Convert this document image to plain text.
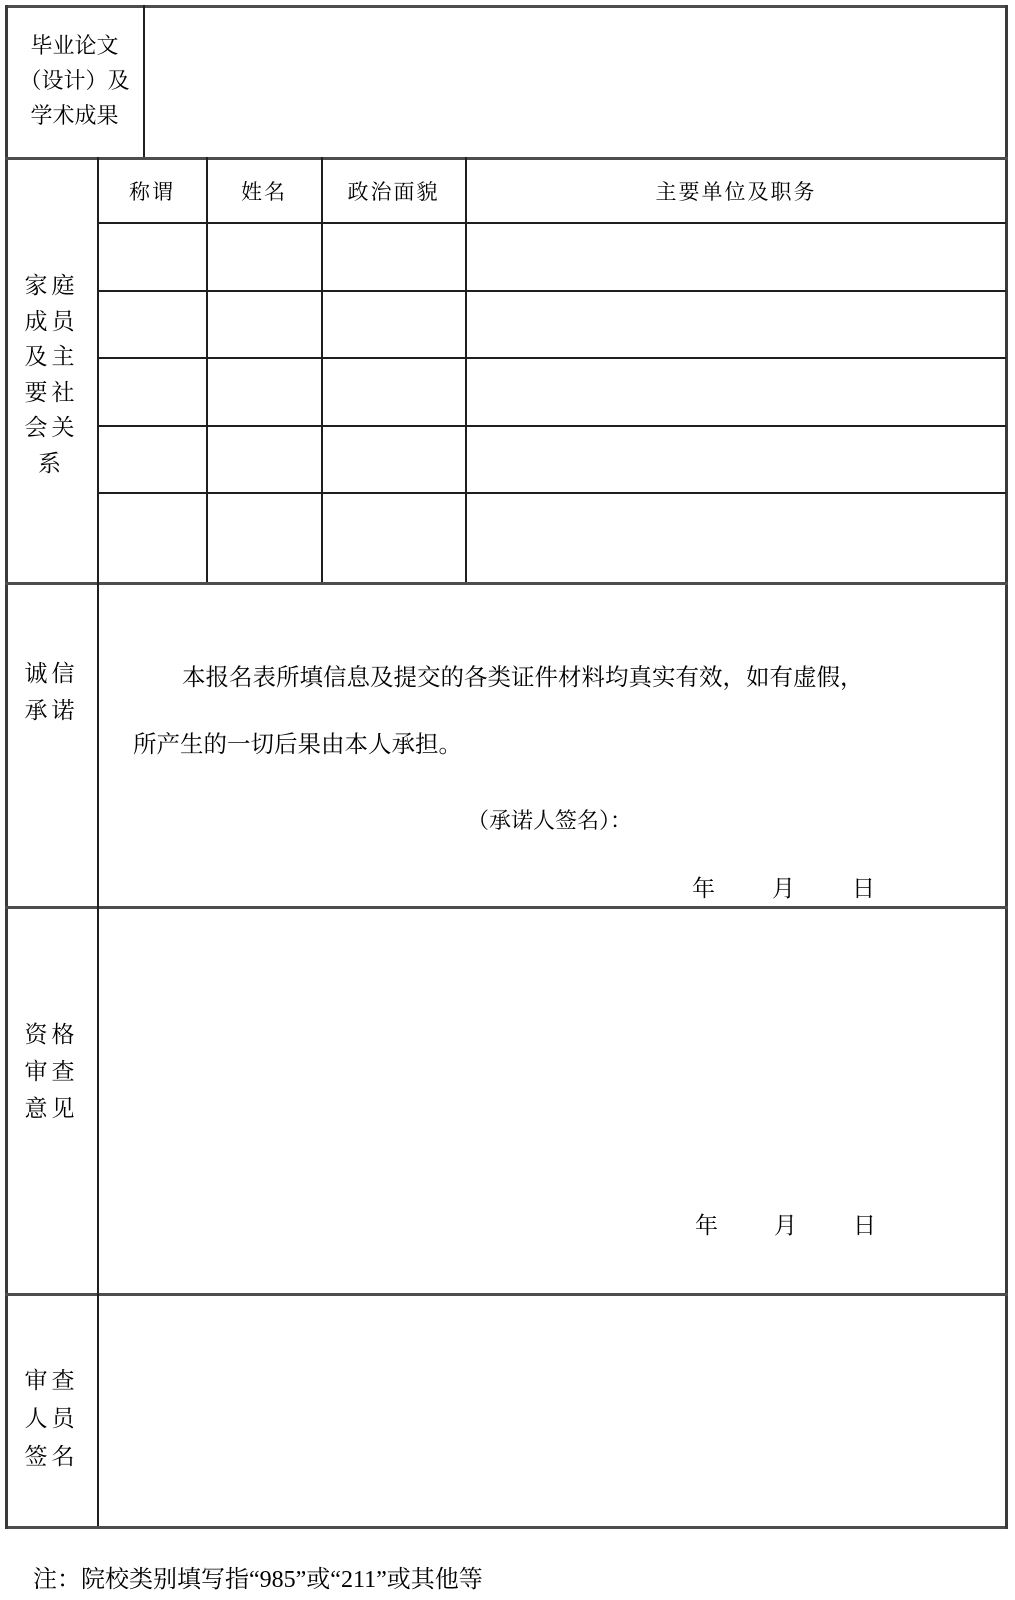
毕业论文
（设计）及
学术成果
家庭
成员
及主
要社
会关
系
称谓	姓名	政治面貌	主要单位及职务
诚信
承诺
本报名表所填信息及提交的各类证件材料均真实有效，如有虚假，
所产生的一切后果由本人承担。
（承诺人签名）：
年 月 日
资格
审查
意见
年 月 日
审查
人员
签名
注：院校类别填写指“985”或“211”或其他等
